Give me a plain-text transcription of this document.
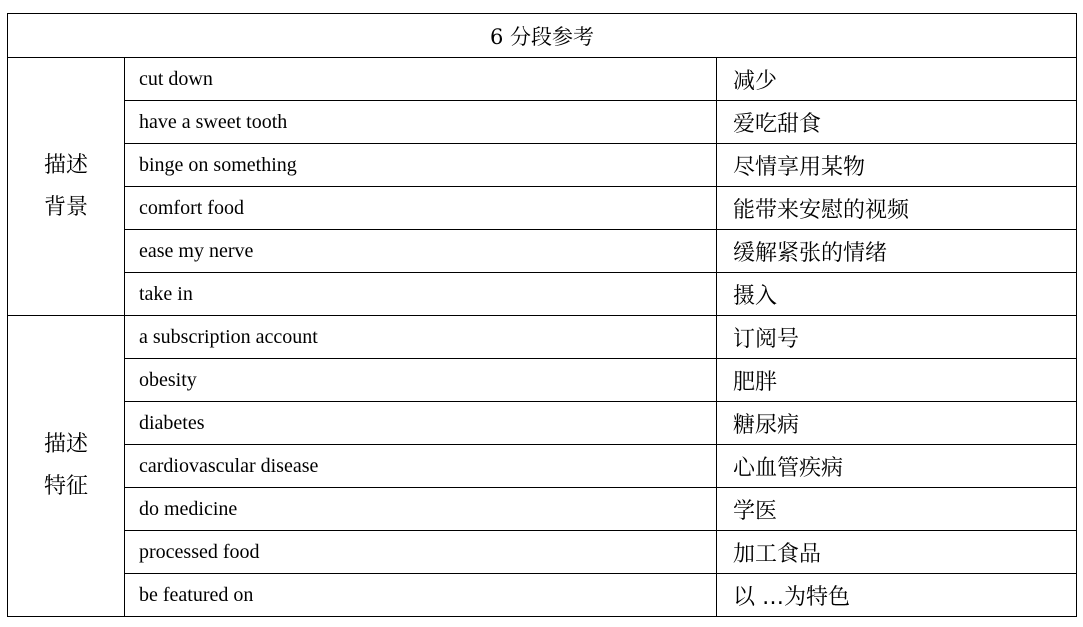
6 分段参考		

描述
背景	cut down	减少
	have a sweet tooth	爱吃甜食
	binge on something	尽情享用某物
	comfort food	能带来安慰的视频
	ease my nerve	缓解紧张的情绪
	take in	摄入

描述
特征	a subscription account	订阅号
	obesity	肥胖
	diabetes	糖尿病
	cardiovascular disease	心血管疾病
	do medicine	学医
	processed food	加工食品
	be featured on	以 …为特色
